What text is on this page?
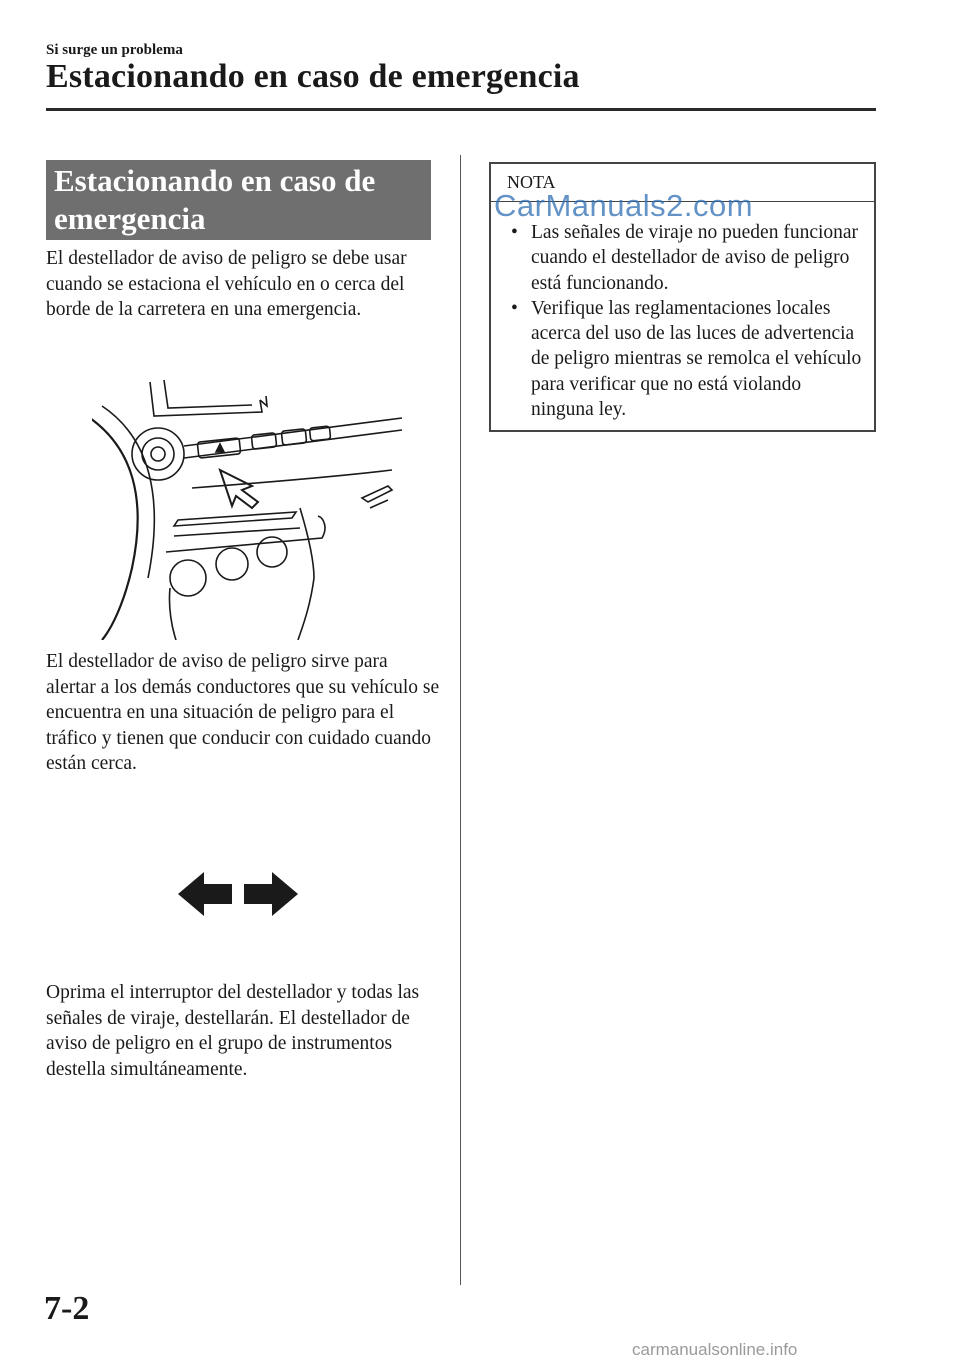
Si surge un problema
Estacionando en caso de emergencia
Estacionando en caso de
emergencia

El destellador de aviso de peligro se debe usar cuando se estaciona el vehículo en o cerca del borde de la carretera en una emergencia.

El destellador de aviso de peligro sirve para alertar a los demás conductores que su vehículo se encuentra en una situación de peligro para el tráfico y tienen que conducir con cuidado cuando están cerca.

Oprima el interruptor del destellador y todas las señales de viraje, destellarán. El destellador de aviso de peligro en el grupo de instrumentos destella simultáneamente.

NOTA
• Las señales de viraje no pueden funcionar cuando el destellador de aviso de peligro está funcionando.
• Verifique las reglamentaciones locales acerca del uso de las luces de advertencia de peligro mientras se remolca el vehículo para verificar que no está violando ninguna ley.
CarManuals2.com
7-2
carmanualsonline.info
